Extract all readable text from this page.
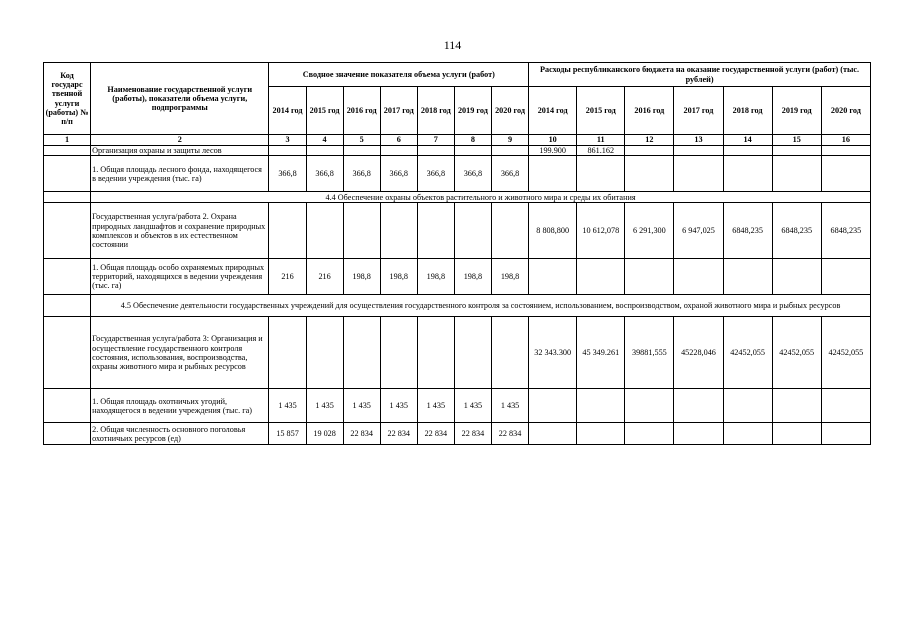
114
Код государс твенной услуги (работы) № п/п	Наименование государственной услуги (работы), показатели объема услуги, подпрограммы	Сводное значение показателя объема услуги (работ)							Расходы республиканского бюджета на оказание государственной услуги (работ) (тыс. рублей)						
		2014 год	2015 год	2016 год	2017 год	2018 год	2019 год	2020 год	2014 год	2015 год	2016 год	2017 год	2018 год	2019 год	2020 год
1	2	3	4	5	6	7	8	9	10	11	12	13	14	15	16
	Организация охраны и защиты лесов								199.900	861.162					
	1. Общая площадь лесного фонда, находящегося в ведении учреждения (тыс. га)	366,8	366,8	366,8	366,8	366,8	366,8	366,8							
	4.4 Обеспечение охраны объектов растительного и животного мира и среды их обитания														
	Государственная услуга/работа 2. Охрана природных ландшафтов и сохранение природных комплексов и объектов в их естественном состоянии								8 808,800	10 612,078	6 291,300	6 947,025	6848,235	6848,235	6848,235
	1. Общая площадь особо охраняемых природных территорий, находящихся в ведении учреждения (тыс. га)	216	216	198,8	198,8	198,8	198,8	198,8							
	4.5 Обеспечение деятельности государственных учреждений для осуществления государственного контроля за состоянием, использованием, воспроизводством, охраной животного мира и рыбных ресурсов														
	Государственная услуга/работа 3: Организация и осуществление государственного контроля состояния, использования, воспроизводства, охраны животного мира и рыбных ресурсов								32 343.300	45 349.261	39881,555	45228,046	42452,055	42452,055	42452,055
	1. Общая площадь охотничьих угодий, находящегося в ведении учреждения (тыс. га)	1 435	1 435	1 435	1 435	1 435	1 435	1 435							
	2. Общая численность основного поголовья охотничьих ресурсов (ед)	15 857	19 028	22 834	22 834	22 834	22 834	22 834							
